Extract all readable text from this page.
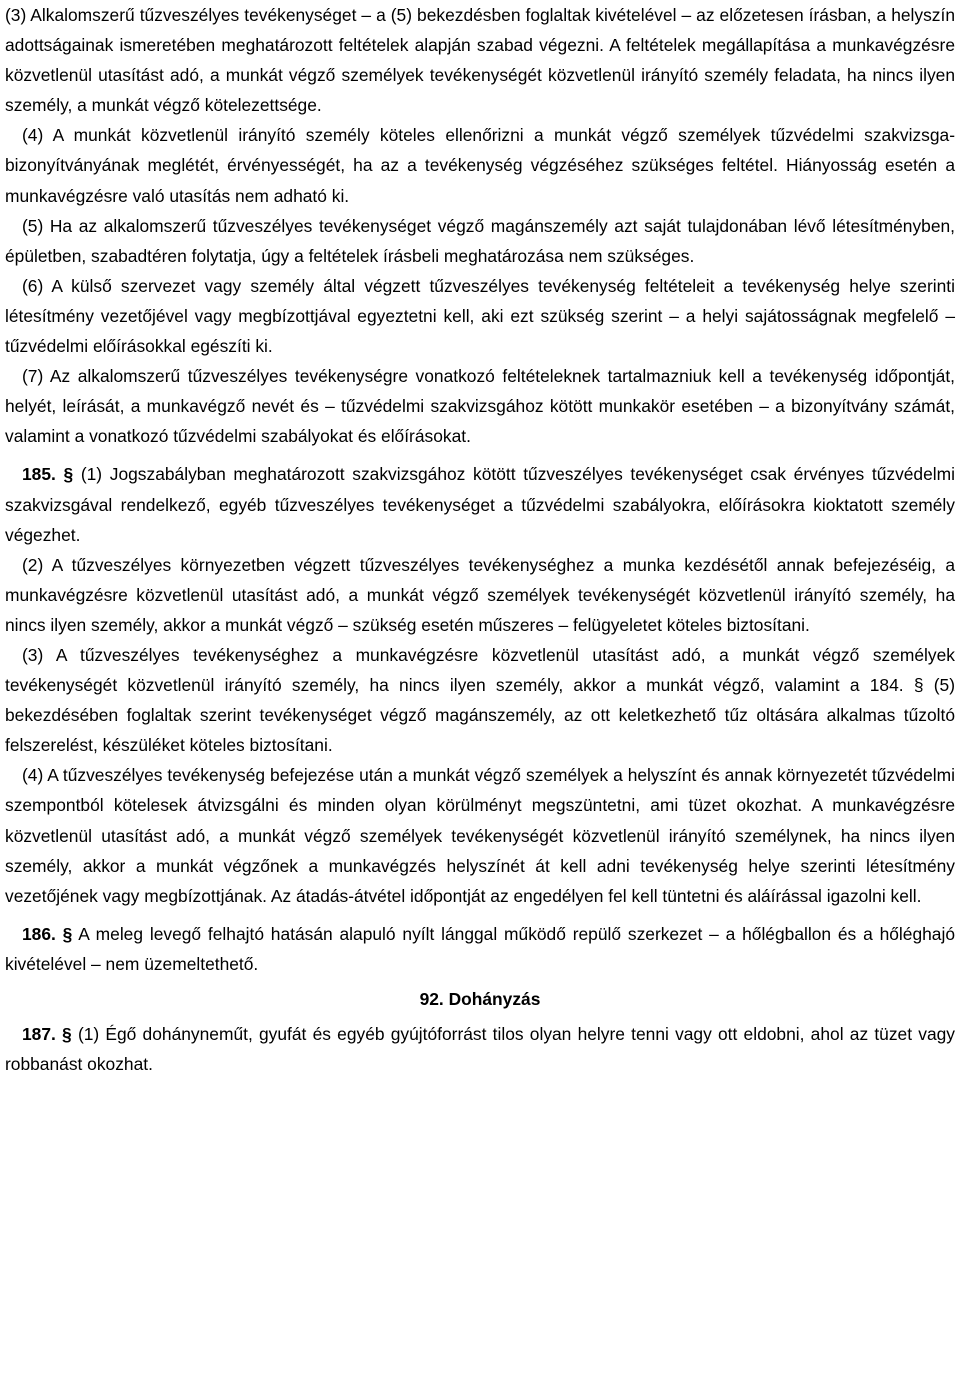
(3) Alkalomszerű tűzveszélyes tevékenységet – a (5) bekezdésben foglaltak kivételével – az előzetesen írásban, a helyszín adottságainak ismeretében meghatározott feltételek alapján szabad végezni. A feltételek megállapítása a munkavégzésre közvetlenül utasítást adó, a munkát végző személyek tevékenységét közvetlenül irányító személy feladata, ha nincs ilyen személy, a munkát végző kötelezettsége.

(4) A munkát közvetlenül irányító személy köteles ellenőrizni a munkát végző személyek tűzvédelmi szakvizsga-bizonyítványának meglétét, érvényességét, ha az a tevékenység végzéséhez szükséges feltétel. Hiányosság esetén a munkavégzésre való utasítás nem adható ki.

(5) Ha az alkalomszerű tűzveszélyes tevékenységet végző magánszemély azt saját tulajdonában lévő létesítményben, épületben, szabadtéren folytatja, úgy a feltételek írásbeli meghatározása nem szükséges.

(6) A külső szervezet vagy személy által végzett tűzveszélyes tevékenység feltételeit a tevékenység helye szerinti létesítmény vezetőjével vagy megbízottjával egyeztetni kell, aki ezt szükség szerint – a helyi sajátosságnak megfelelő – tűzvédelmi előírásokkal egészíti ki.

(7) Az alkalomszerű tűzveszélyes tevékenységre vonatkozó feltételeknek tartalmazniuk kell a tevékenység időpontját, helyét, leírását, a munkavégző nevét és – tűzvédelmi szakvizsgához kötött munkakör esetében – a bizonyítvány számát, valamint a vonatkozó tűzvédelmi szabályokat és előírásokat.

185. § (1) Jogszabályban meghatározott szakvizsgához kötött tűzveszélyes tevékenységet csak érvényes tűzvédelmi szakvizsgával rendelkező, egyéb tűzveszélyes tevékenységet a tűzvédelmi szabályokra, előírásokra kioktatott személy végezhet.

(2) A tűzveszélyes környezetben végzett tűzveszélyes tevékenységhez a munka kezdésétől annak befejezéséig, a munkavégzésre közvetlenül utasítást adó, a munkát végző személyek tevékenységét közvetlenül irányító személy, ha nincs ilyen személy, akkor a munkát végző – szükség esetén műszeres – felügyeletet köteles biztosítani.

(3) A tűzveszélyes tevékenységhez a munkavégzésre közvetlenül utasítást adó, a munkát végző személyek tevékenységét közvetlenül irányító személy, ha nincs ilyen személy, akkor a munkát végző, valamint a 184. § (5) bekezdésében foglaltak szerint tevékenységet végző magánszemély, az ott keletkezhető tűz oltására alkalmas tűzoltó felszerelést, készüléket köteles biztosítani.

(4) A tűzveszélyes tevékenység befejezése után a munkát végző személyek a helyszínt és annak környezetét tűzvédelmi szempontból kötelesek átvizsgálni és minden olyan körülményt megszüntetni, ami tüzet okozhat. A munkavégzésre közvetlenül utasítást adó, a munkát végző személyek tevékenységét közvetlenül irányító személynek, ha nincs ilyen személy, akkor a munkát végzőnek a munkavégzés helyszínét át kell adni tevékenység helye szerinti létesítmény vezetőjének vagy megbízottjának. Az átadás-átvétel időpontját az engedélyen fel kell tüntetni és aláírással igazolni kell.

186. § A meleg levegő felhajtó hatásán alapuló nyílt lánggal működő repülő szerkezet – a hőlégballon és a hőléghajó kivételével – nem üzemeltethető.

92. Dohányzás

187. § (1) Égő dohányneműt, gyufát és egyéb gyújtóforrást tilos olyan helyre tenni vagy ott eldobni, ahol az tüzet vagy robbanást okozhat.
